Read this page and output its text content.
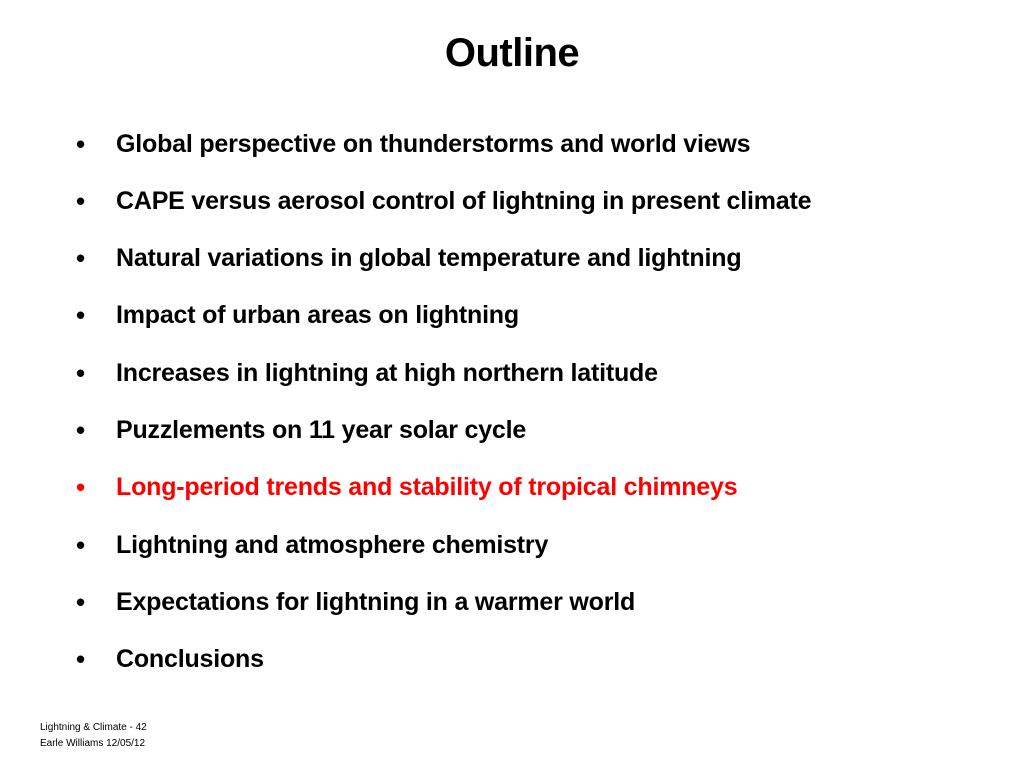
Outline
•	Global perspective on thunderstorms and world views
•	CAPE versus aerosol control of lightning in present climate
•	Natural variations in global temperature and lightning
•	Impact of urban areas on lightning
•	Increases in lightning at high northern latitude
•	Puzzlements on 11 year solar cycle
•	Long-period trends and stability of tropical chimneys
•	Lightning and atmosphere chemistry
•	Expectations for lightning in a warmer world
•	Conclusions
Lightning & Climate - 42
Earle Williams 12/05/12
